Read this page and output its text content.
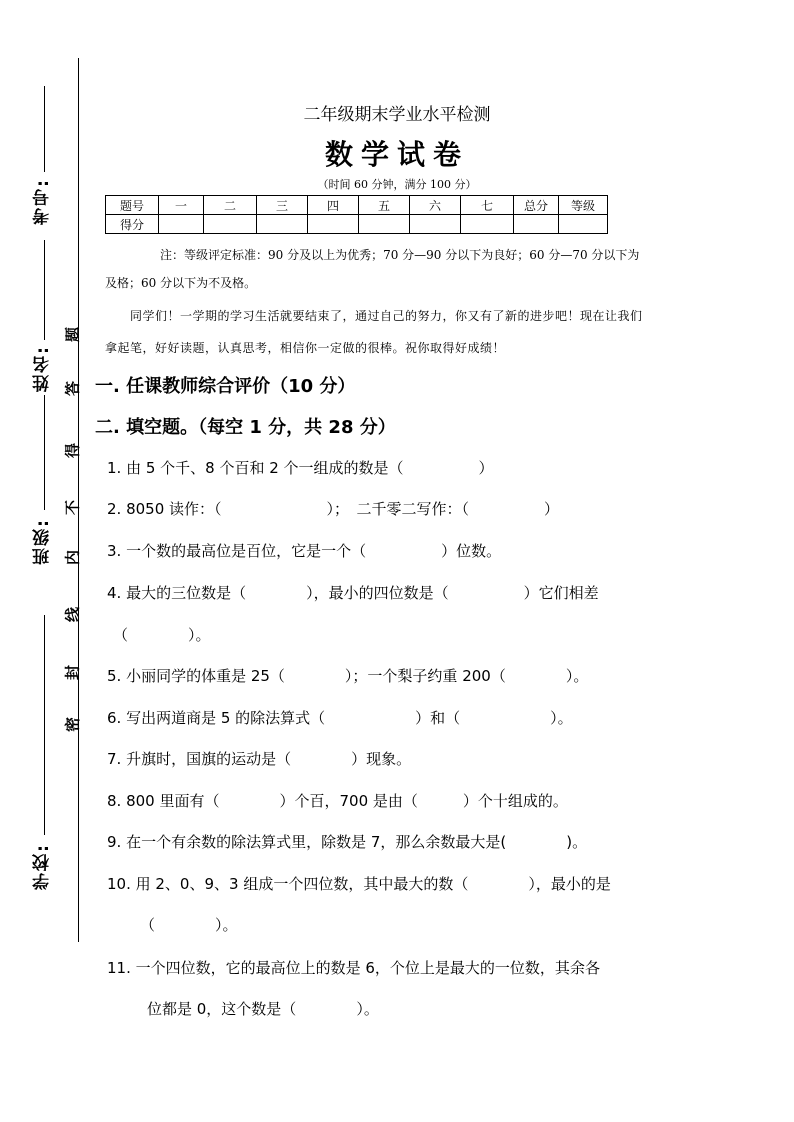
考号:
姓名:
班级:
学校:
题
答
得
不
内
线
封
密
二年级期末学业水平检测
数学试卷
（时间 60 分钟，满分 100 分）
题号	一	二	三	四	五	六	七	总分	等级
得分									
注：等级评定标准：90 分及以上为优秀；70 分—90 分以下为良好；60 分—70 分以下为
及格；60 分以下为不及格。
同学们！一学期的学习生活就要结束了，通过自己的努力，你又有了新的进步吧！现在让我们
拿起笔，好好读题，认真思考，相信你一定做的很棒。祝你取得好成绩！
一. 任课教师综合评价（10 分）
二. 填空题。（每空 1 分，共 28 分）
1. 由 5 个千、8 个百和 2 个一组成的数是（　　　　　）
2. 8050 读作：（　　　　　　　）；　二千零二写作：（　　　　　）
3. 一个数的最高位是百位，它是一个（　　　　　）位数。
4. 最大的三位数是（　　　　），最小的四位数是（　　　　　）它们相差
（　　　　）。
5. 小丽同学的体重是 25（　　　　）；一个梨子约重 200（　　　　）。
6. 写出两道商是 5 的除法算式（　　　　　　）和（　　　　　　）。
7. 升旗时，国旗的运动是（　　　　）现象。
8. 800 里面有（　　　　）个百，700 是由（　　　）个十组成的。
9. 在一个有余数的除法算式里，除数是 7，那么余数最大是(　　　　)。
10. 用 2、0、9、3 组成一个四位数，其中最大的数（　　　　），最小的是
（　　　　）。
11. 一个四位数，它的最高位上的数是 6，个位上是最大的一位数，其余各
位都是 0，这个数是（　　　　）。
